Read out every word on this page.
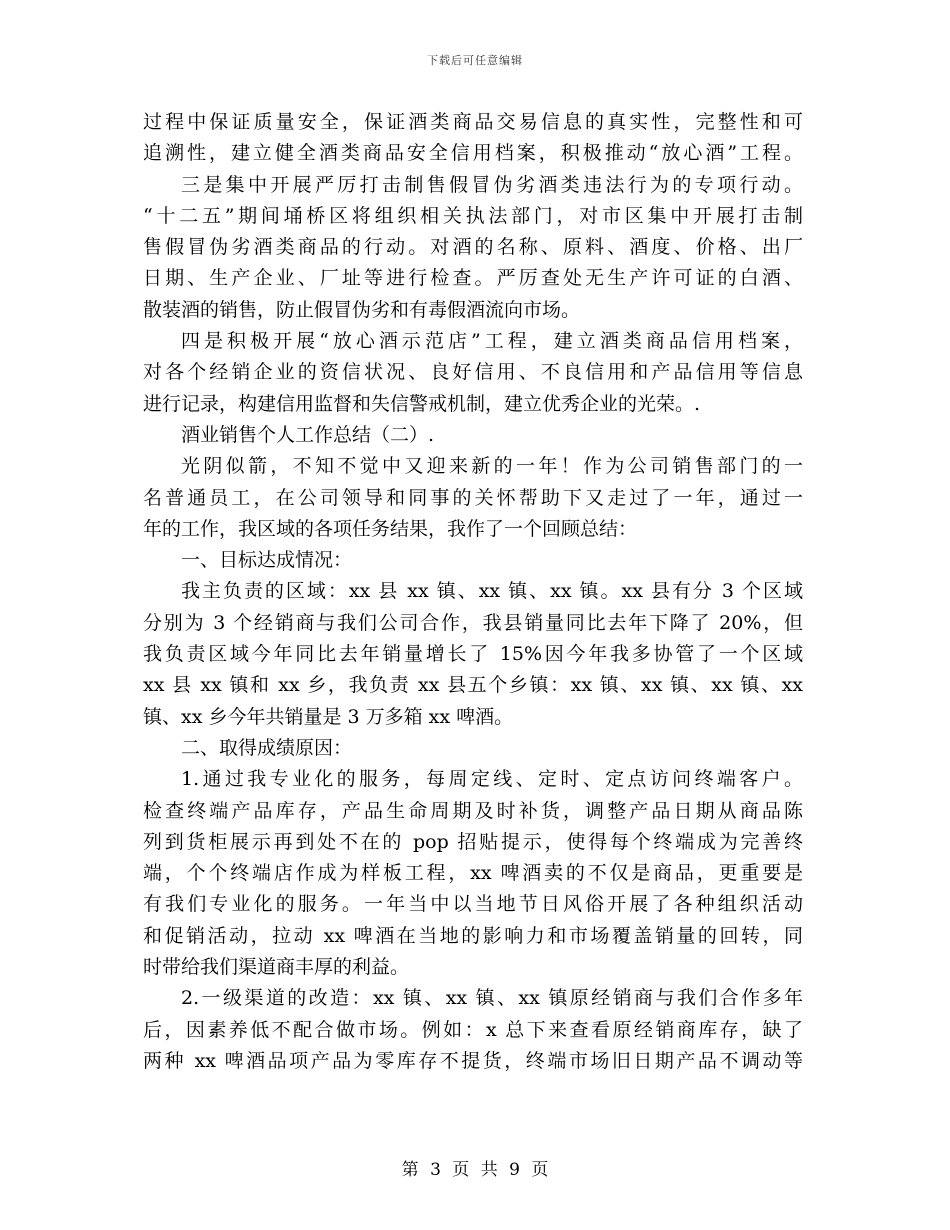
下载后可任意编辑
过程中保证质量安全，保证酒类商品交易信息的真实性，完整性和可
追溯性，建立健全酒类商品安全信用档案，积极推动“放心酒”工程。
三是集中开展严厉打击制售假冒伪劣酒类违法行为的专项行动。
“十二五”期间埇桥区将组织相关执法部门，对市区集中开展打击制
售假冒伪劣酒类商品的行动。对酒的名称、原料、酒度、价格、出厂
日期、生产企业、厂址等进行检查。严厉查处无生产许可证的白酒、
散装酒的销售，防止假冒伪劣和有毒假酒流向市场。
四是积极开展“放心酒示范店”工程，建立酒类商品信用档案，
对各个经销企业的资信状况、良好信用、不良信用和产品信用等信息
进行记录，构建信用监督和失信警戒机制，建立优秀企业的光荣。.
酒业销售个人工作总结（二）.
光阴似箭，不知不觉中又迎来新的一年！作为公司销售部门的一
名普通员工，在公司领导和同事的关怀帮助下又走过了一年，通过一
年的工作，我区域的各项任务结果，我作了一个回顾总结：
一、目标达成情况：
我主负责的区域：xx 县 xx 镇、xx 镇、xx 镇。xx 县有分 3 个区域
分别为 3 个经销商与我们公司合作，我县销量同比去年下降了 20%，但
我负责区域今年同比去年销量增长了 15%因今年我多协管了一个区域
xx 县 xx 镇和 xx 乡，我负责 xx 县五个乡镇：xx 镇、xx 镇、xx 镇、xx
镇、xx 乡今年共销量是 3 万多箱 xx 啤酒。
二、取得成绩原因：
1.通过我专业化的服务，每周定线、定时、定点访问终端客户。
检查终端产品库存，产品生命周期及时补货，调整产品日期从商品陈
列到货柜展示再到处不在的 pop 招贴提示，使得每个终端成为完善终
端，个个终端店作成为样板工程，xx 啤酒卖的不仅是商品，更重要是
有我们专业化的服务。一年当中以当地节日风俗开展了各种组织活动
和促销活动，拉动 xx 啤酒在当地的影响力和市场覆盖销量的回转，同
时带给我们渠道商丰厚的利益。
2.一级渠道的改造：xx 镇、xx 镇、xx 镇原经销商与我们合作多年
后，因素养低不配合做市场。例如：x 总下来查看原经销商库存，缺了
两种 xx 啤酒品项产品为零库存不提货，终端市场旧日期产品不调动等
第 3 页 共 9 页
